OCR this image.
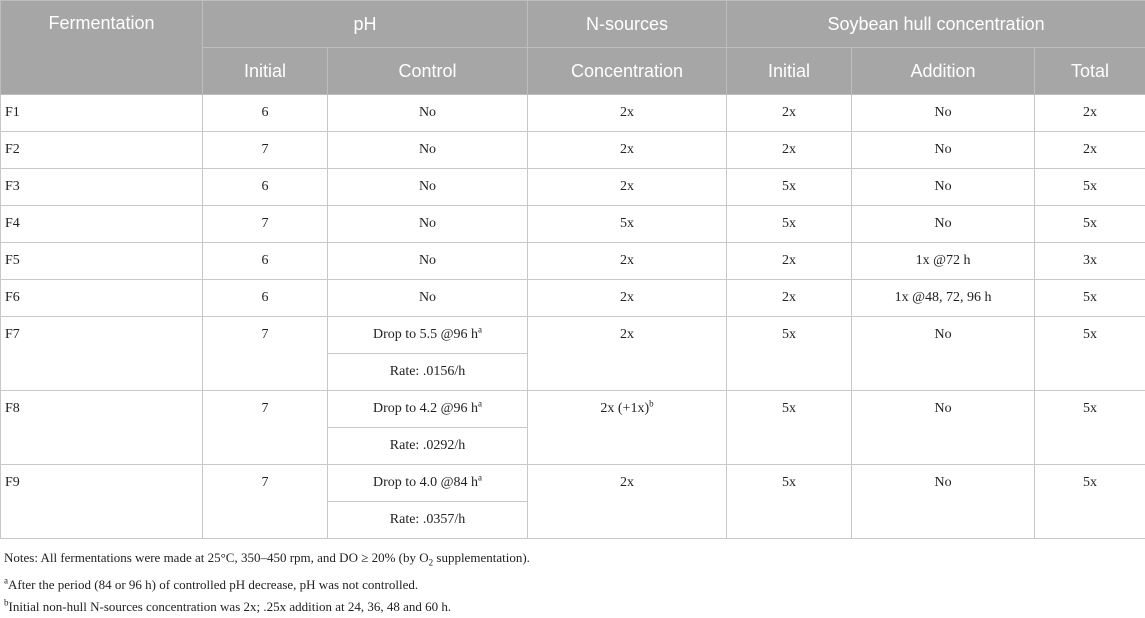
Fermentation	pH		N-sources	Soybean hull concentration		
	Initial	Control	Concentration	Initial	Addition	Total
F1	6	No	2x	2x	No	2x
F2	7	No	2x	2x	No	2x
F3	6	No	2x	5x	No	5x
F4	7	No	5x	5x	No	5x
F5	6	No	2x	2x	1x @72 h	3x
F6	6	No	2x	2x	1x @48, 72, 96 h	5x
F7	7	Drop to 5.5 @96 $h^a$	2x	5x	No	5x
		Rate: .0156/h				
F8	7	Drop to 4.2 @96 $h^a$	2x $(+1x)^b$	5x	No	5x
		Rate: .0292/h				
F9	7	Drop to 4.0 @84 $h^a$	2x	5x	No	5x
		Rate: .0357/h				

Notes: All fermentations were made at 25°C, 350–450 rpm, and DO ≥ 20% (by $O_2$ supplementation).

$^a$After the period (84 or 96 h) of controlled pH decrease, pH was not controlled.

$^b$Initial non-hull N-sources concentration was 2x; .25x addition at 24, 36, 48 and 60 h.
